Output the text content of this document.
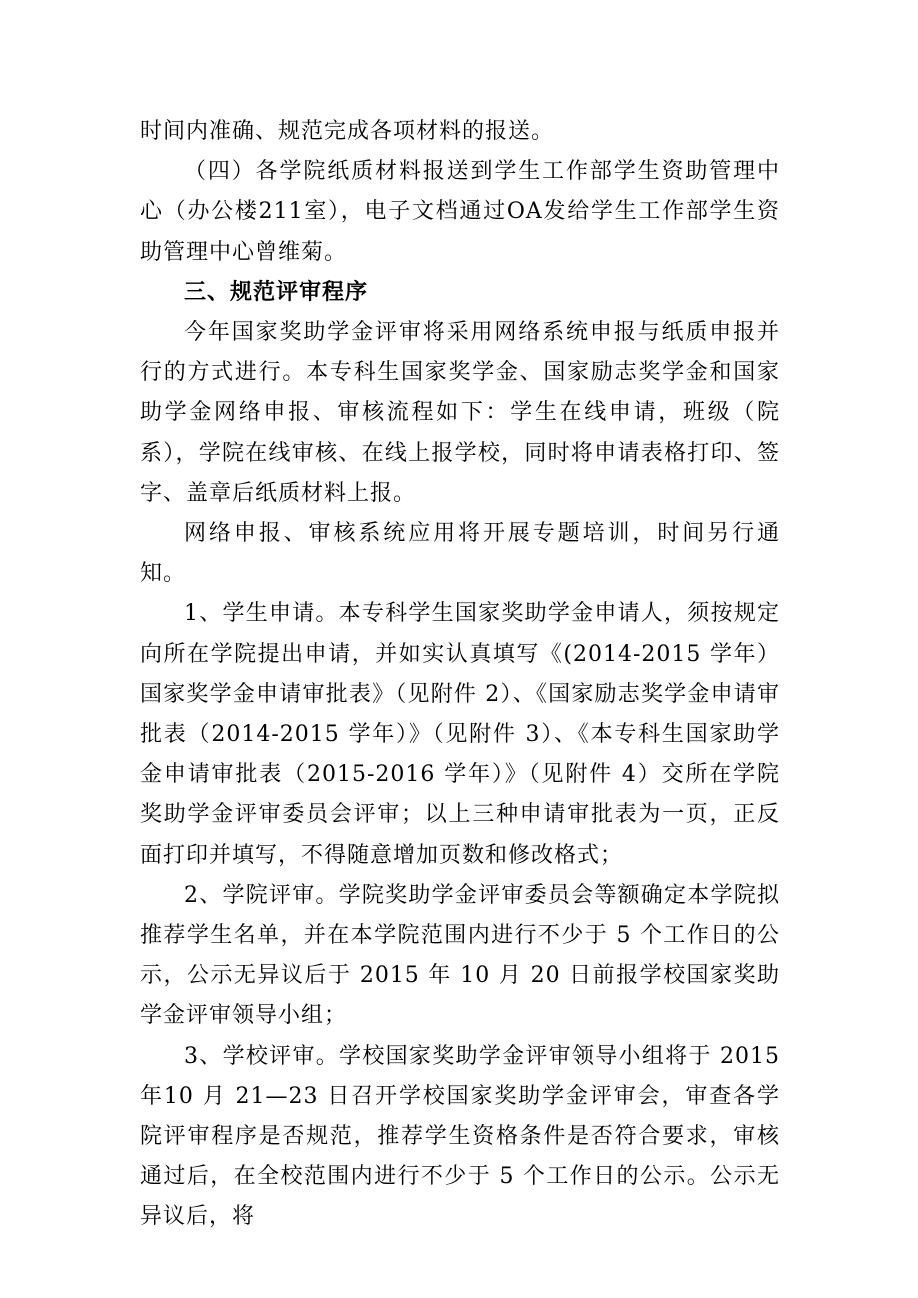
时间内准确、规范完成各项材料的报送。

（四）各学院纸质材料报送到学生工作部学生资助管理中心（办公楼211室），电子文档通过OA发给学生工作部学生资助管理中心曾维菊。

三、规范评审程序

今年国家奖助学金评审将采用网络系统申报与纸质申报并行的方式进行。本专科生国家奖学金、国家励志奖学金和国家助学金网络申报、审核流程如下：学生在线申请，班级（院系），学院在线审核、在线上报学校，同时将申请表格打印、签字、盖章后纸质材料上报。

网络申报、审核系统应用将开展专题培训，时间另行通知。

1、学生申请。本专科学生国家奖助学金申请人，须按规定向所在学院提出申请，并如实认真填写《(2014-2015 学年）国家奖学金申请审批表》（见附件 2）、《国家励志奖学金申请审批表（2014-2015 学年）》（见附件 3）、《本专科生国家助学金申请审批表（2015-2016 学年）》（见附件 4）交所在学院奖助学金评审委员会评审；以上三种申请审批表为一页，正反面打印并填写，不得随意增加页数和修改格式；

2、学院评审。学院奖助学金评审委员会等额确定本学院拟推荐学生名单，并在本学院范围内进行不少于 5 个工作日的公示，公示无异议后于 2015 年 10 月 20 日前报学校国家奖助学金评审领导小组；

3、学校评审。学校国家奖助学金评审领导小组将于 2015 年10 月 21—23 日召开学校国家奖助学金评审会，审查各学院评审程序是否规范，推荐学生资格条件是否符合要求，审核通过后，在全校范围内进行不少于 5 个工作日的公示。公示无异议后，将
